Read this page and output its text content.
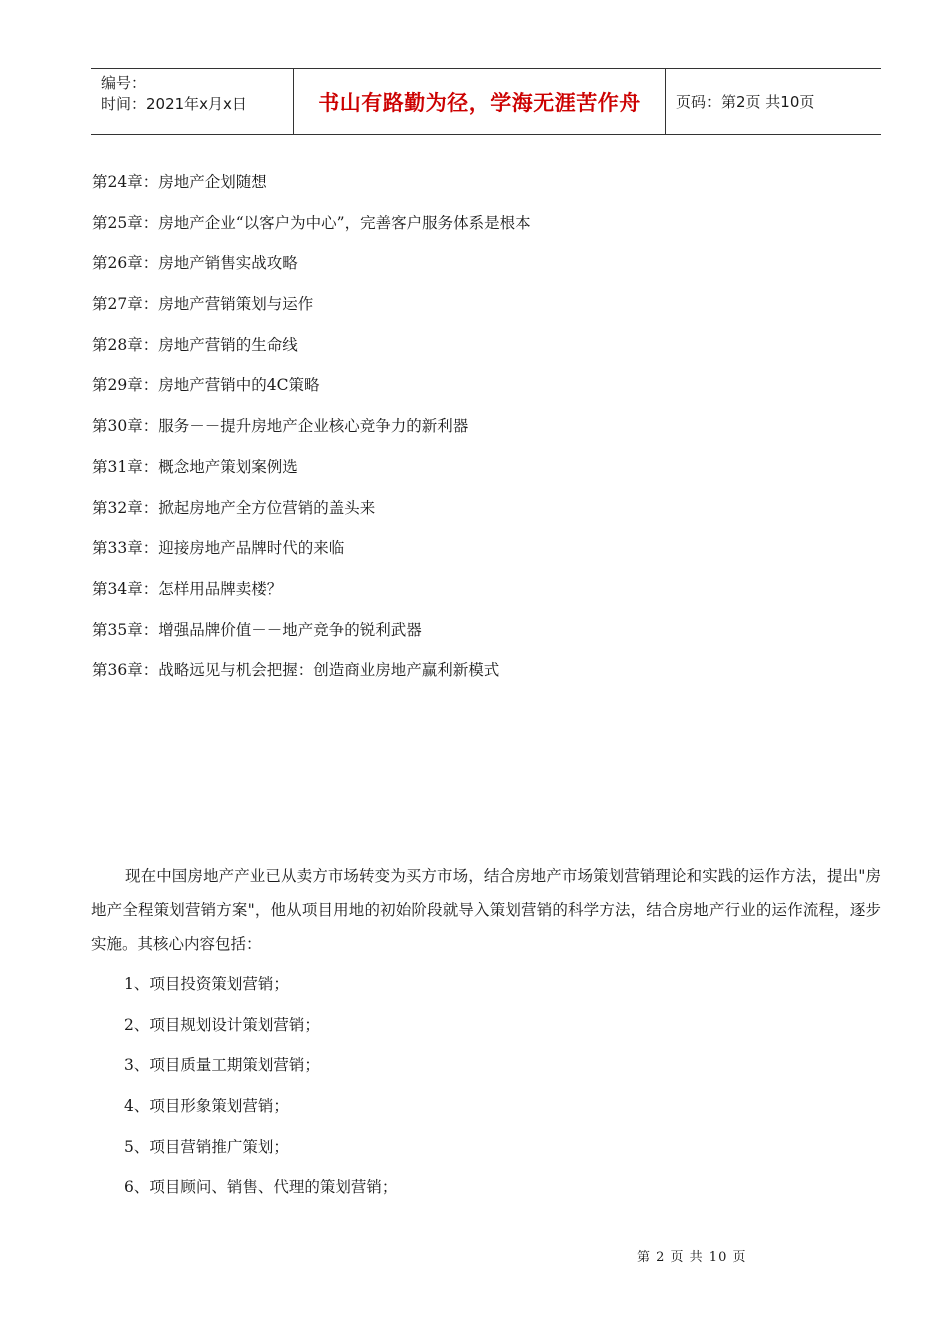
编号：
时间：2021年x月x日	书山有路勤为径，学海无涯苦作舟	页码：第2页 共10页
第24章：房地产企划随想
第25章：房地产企业“以客户为中心”，完善客户服务体系是根本
第26章：房地产销售实战攻略
第27章：房地产营销策划与运作
第28章：房地产营销的生命线
第29章：房地产营销中的4C策略
第30章：服务－－提升房地产企业核心竞争力的新利器
第31章：概念地产策划案例选
第32章：掀起房地产全方位营销的盖头来
第33章：迎接房地产品牌时代的来临
第34章：怎样用品牌卖楼？
第35章：增强品牌价值－－地产竞争的锐利武器
第36章：战略远见与机会把握：创造商业房地产赢利新模式

现在中国房地产产业已从卖方市场转变为买方市场，结合房地产市场策划营销理论和实践的运作方法，提出"房地产全程策划营销方案"，他从项目用地的初始阶段就导入策划营销的科学方法，结合房地产行业的运作流程，逐步实施。其核心内容包括：

1、项目投资策划营销；
2、项目规划设计策划营销；
3、项目质量工期策划营销；
4、项目形象策划营销；
5、项目营销推广策划；
6、项目顾问、销售、代理的策划营销；
第 2 页 共 10 页
